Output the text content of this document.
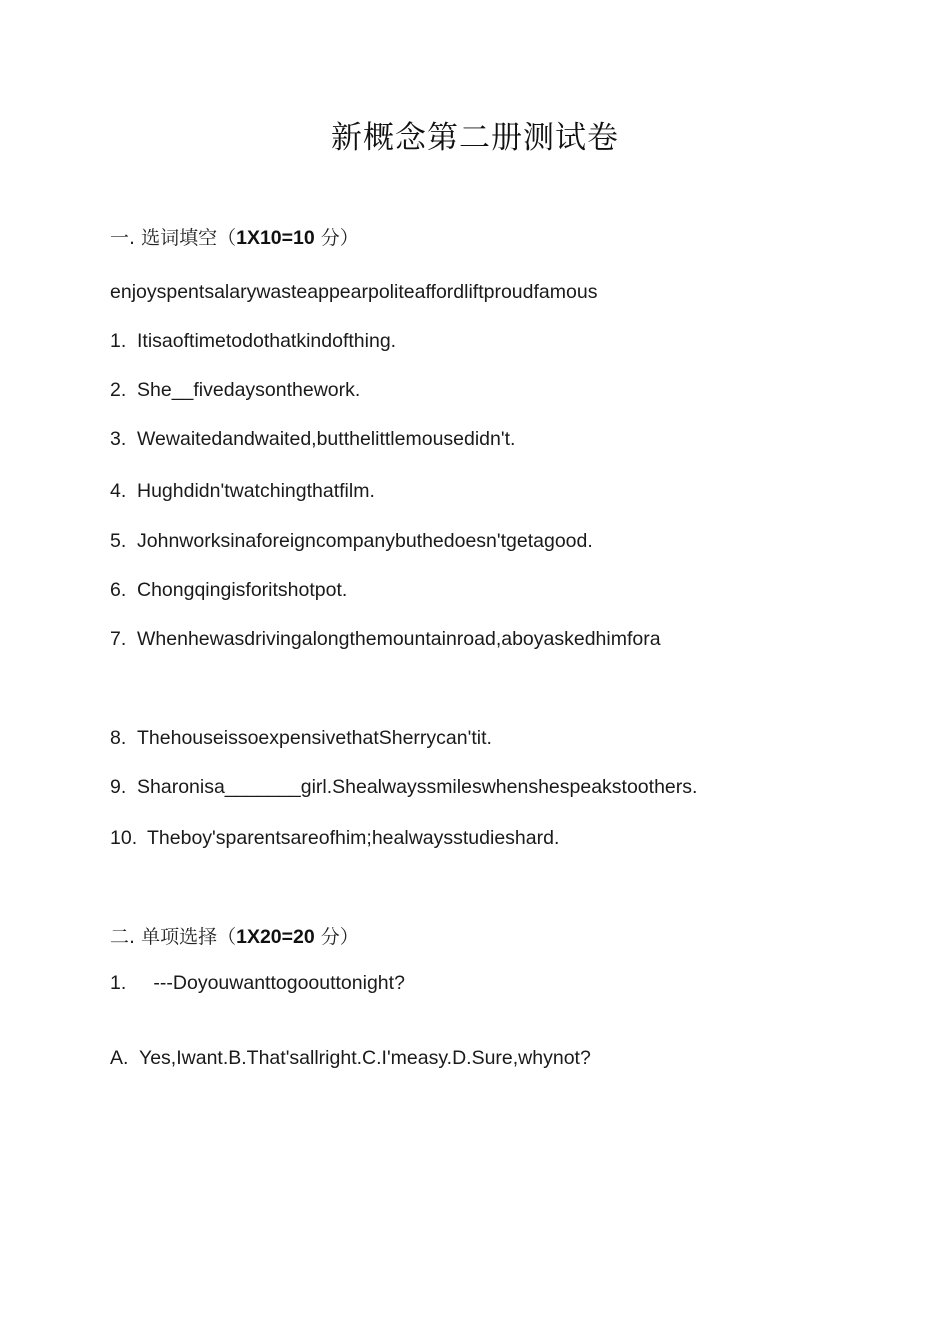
新概念第二册测试卷
一. 选词填空（1X10=10 分）
enjoyspentsalarywasteappearpoliteaffordliftproudfamous
1. Itisaoftimetodothatkindofthing.
2. She__fivedaysonthework.
3. Wewaitedandwaited,butthelittlemousedidn't.
4. Hughdidn'twatchingthatfilm.
5. Johnworksinaforeigncompanybuthedoesn'tgetagood.
6. Chongqingisforitshotpot.
7. Whenhewasdrivingalongthemountainroad,aboyaskedhimfora
8. ThehouseissoexpensivethatSherrycan'tit.
9. Sharonisa_______girl.Shealwayssmileswhenshespeakstoothers.
10. Theboy'sparentsareofhim;healwaysstudieshard.
二. 单项选择（1X20=20 分）
1. ---Doyouwanttogoouttonight?
A. Yes,Iwant.B.That'sallright.C.I'measy.D.Sure,whynot?
